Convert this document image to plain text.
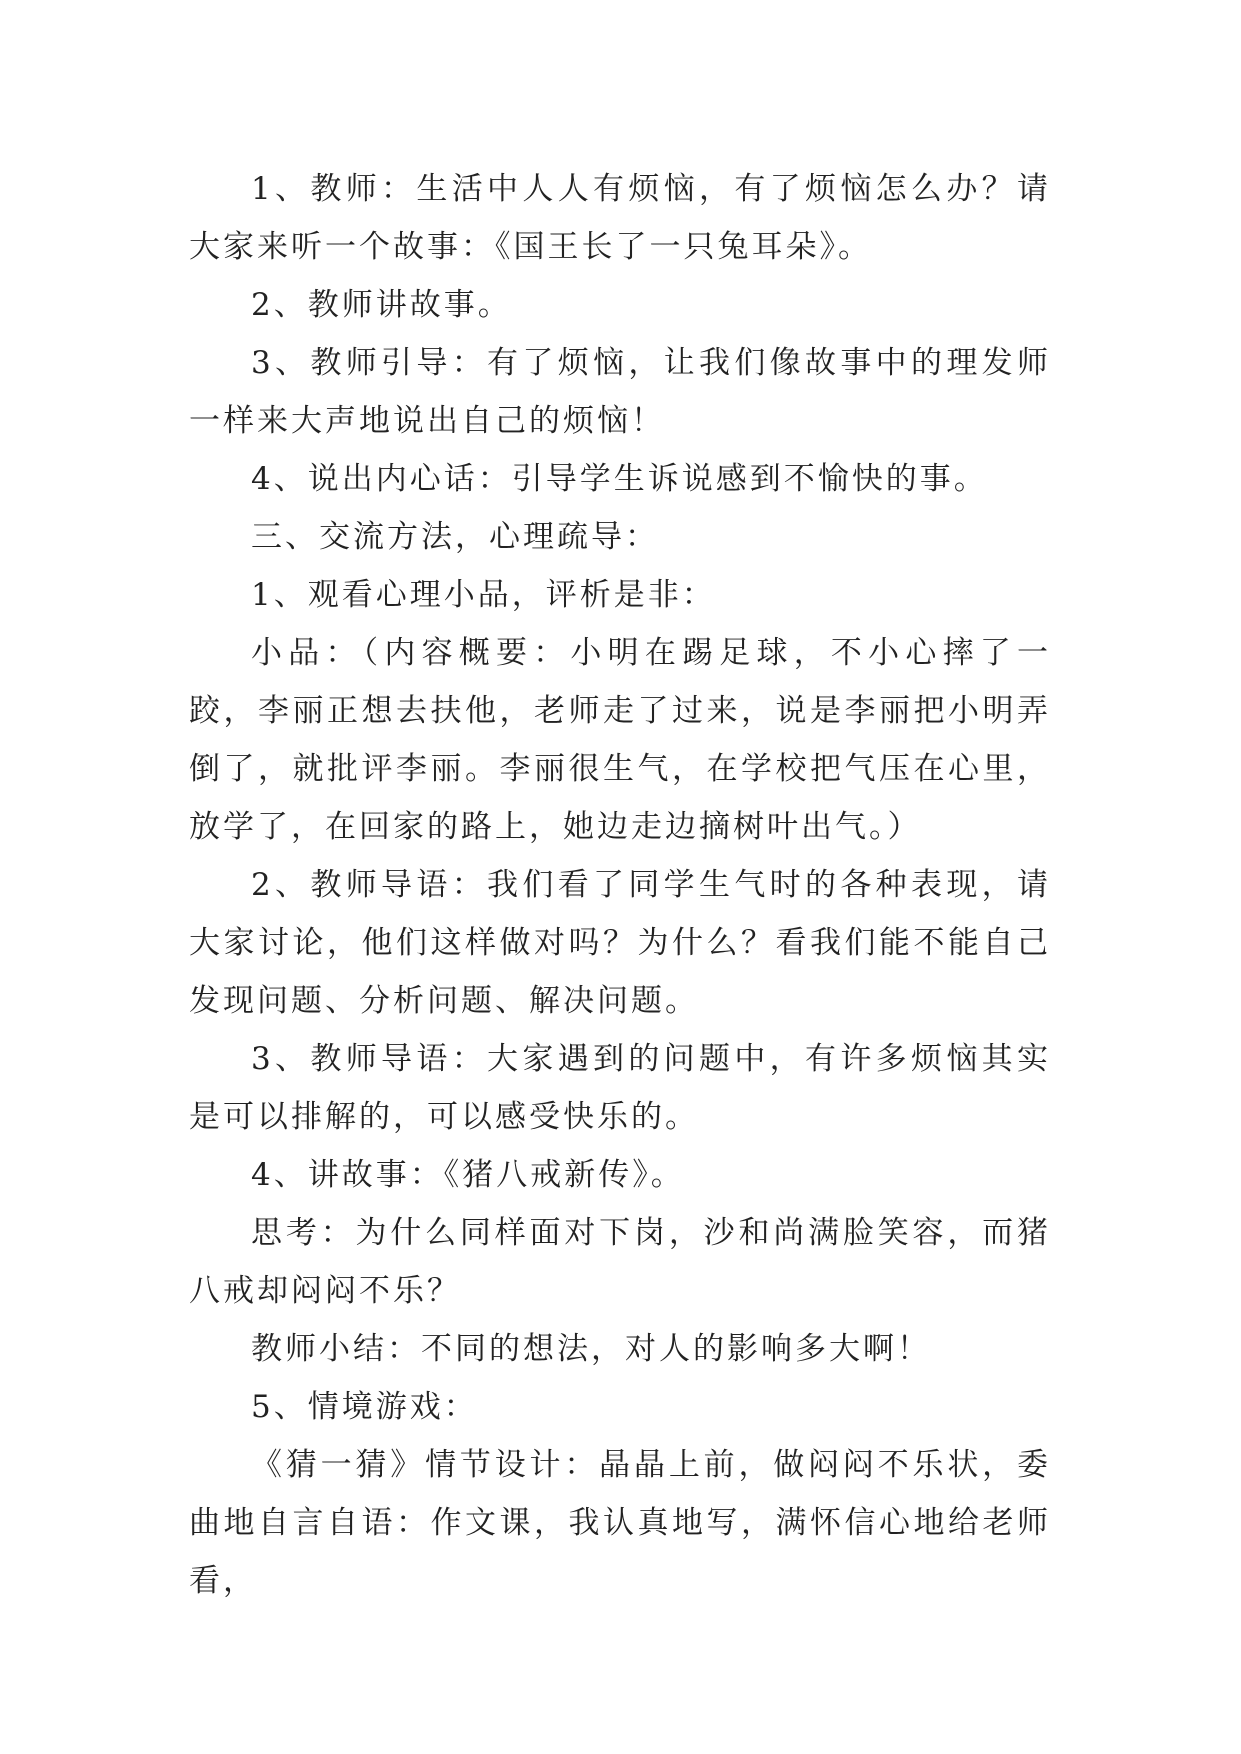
1、教师：生活中人人有烦恼，有了烦恼怎么办？请大家来听一个故事：《国王长了一只兔耳朵》。

2、教师讲故事。

3、教师引导：有了烦恼，让我们像故事中的理发师一样来大声地说出自己的烦恼！

4、说出内心话：引导学生诉说感到不愉快的事。

三、交流方法，心理疏导：

1、观看心理小品，评析是非：

小品：（内容概要：小明在踢足球，不小心摔了一跤，李丽正想去扶他，老师走了过来，说是李丽把小明弄倒了，就批评李丽。李丽很生气，在学校把气压在心里，放学了，在回家的路上，她边走边摘树叶出气。）

2、教师导语：我们看了同学生气时的各种表现，请大家讨论，他们这样做对吗？为什么？看我们能不能自己发现问题、分析问题、解决问题。

3、教师导语：大家遇到的问题中，有许多烦恼其实是可以排解的，可以感受快乐的。

4、讲故事：《猪八戒新传》。

思考：为什么同样面对下岗，沙和尚满脸笑容，而猪八戒却闷闷不乐？

教师小结：不同的想法，对人的影响多大啊！

5、情境游戏：

《猜一猜》情节设计：晶晶上前，做闷闷不乐状，委曲地自言自语：作文课，我认真地写，满怀信心地给老师看，
